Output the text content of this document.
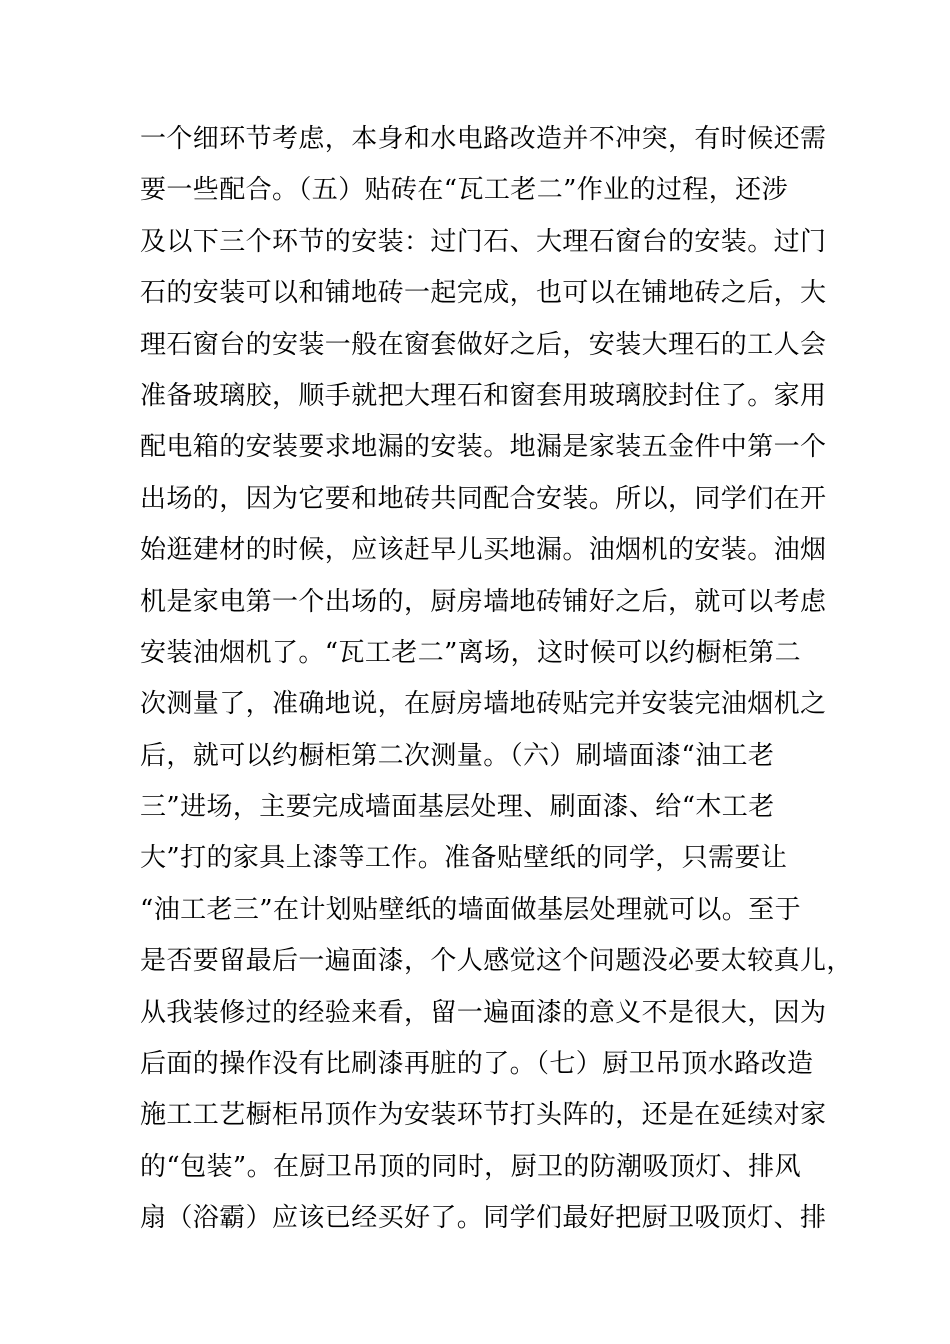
一个细环节考虑，本身和水电路改造并不冲突，有时候还需
要一些配合。（五）贴砖在“瓦工老二”作业的过程，还涉
及以下三个环节的安装：过门石、大理石窗台的安装。过门
石的安装可以和铺地砖一起完成，也可以在铺地砖之后，大
理石窗台的安装一般在窗套做好之后，安装大理石的工人会
准备玻璃胶，顺手就把大理石和窗套用玻璃胶封住了。家用
配电箱的安装要求地漏的安装。地漏是家装五金件中第一个
出场的，因为它要和地砖共同配合安装。所以，同学们在开
始逛建材的时候，应该赶早儿买地漏。油烟机的安装。油烟
机是家电第一个出场的，厨房墙地砖铺好之后，就可以考虑
安装油烟机了。“瓦工老二”离场，这时候可以约橱柜第二
次测量了，准确地说，在厨房墙地砖贴完并安装完油烟机之
后，就可以约橱柜第二次测量。（六）刷墙面漆“油工老
三”进场，主要完成墙面基层处理、刷面漆、给“木工老
大”打的家具上漆等工作。准备贴壁纸的同学，只需要让
“油工老三”在计划贴壁纸的墙面做基层处理就可以。至于
是否要留最后一遍面漆，个人感觉这个问题没必要太较真儿，
从我装修过的经验来看，留一遍面漆的意义不是很大，因为
后面的操作没有比刷漆再脏的了。（七）厨卫吊顶水路改造
施工工艺橱柜吊顶作为安装环节打头阵的，还是在延续对家
的“包装”。在厨卫吊顶的同时，厨卫的防潮吸顶灯、排风
扇（浴霸）应该已经买好了。同学们最好把厨卫吸顶灯、排
